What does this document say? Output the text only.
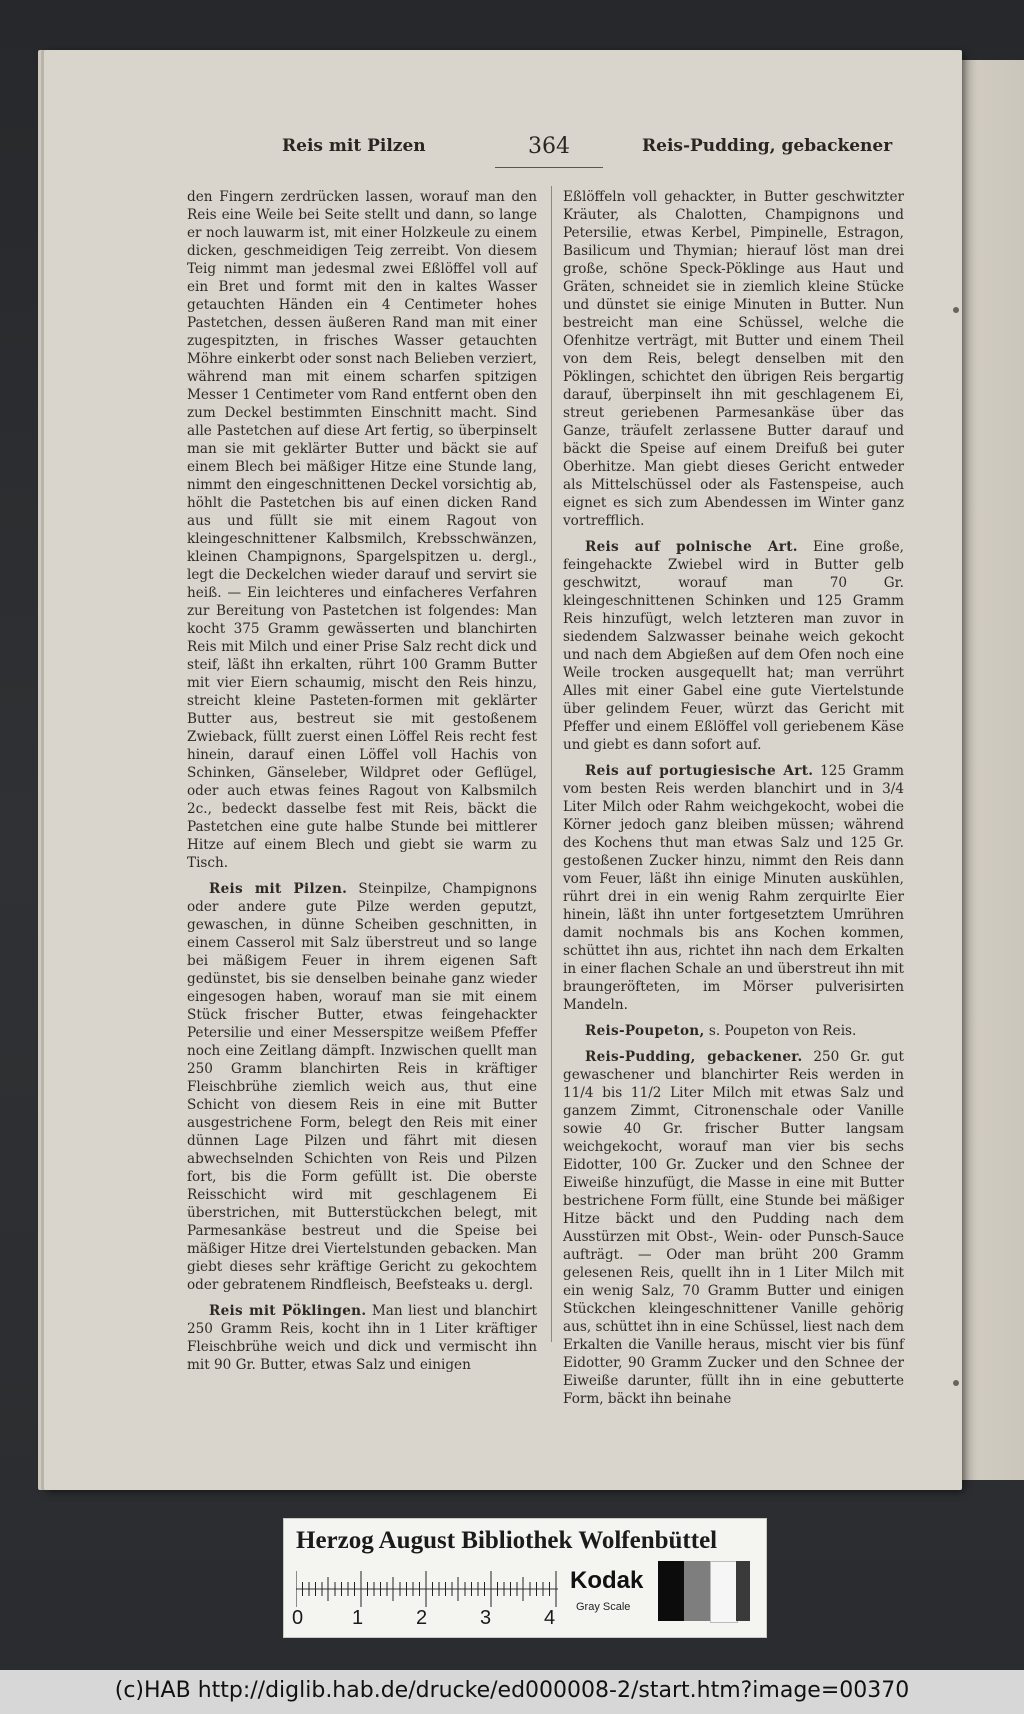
Reis mit Pilzen	364	Reis-Pudding, gebackener

den Fingern zerdrücken lassen, worauf man den Reis eine Weile bei Seite stellt und dann, so lange er noch lauwarm ist, mit einer Holzkeule zu einem dicken, geschmeidigen Teig zerreibt. Von diesem Teig nimmt man jedesmal zwei Eßlöffel voll auf ein Bret und formt mit den in kaltes Wasser getauchten Händen ein 4 Centimeter hohes Pastetchen, dessen äußeren Rand man mit einer zugespitzten, in frisches Wasser getauchten Möhre einkerbt oder sonst nach Belieben verziert, während man mit einem scharfen spitzigen Messer 1 Centimeter vom Rand entfernt oben den zum Deckel bestimmten Einschnitt macht. Sind alle Pastetchen auf diese Art fertig, so überpinselt man sie mit geklärter Butter und bäckt sie auf einem Blech bei mäßiger Hitze eine Stunde lang, nimmt den eingeschnittenen Deckel vorsichtig ab, höhlt die Pastetchen bis auf einen dicken Rand aus und füllt sie mit einem Ragout von kleingeschnittener Kalbsmilch, Krebsschwänzen, kleinen Champignons, Spargelspitzen u. dergl., legt die Deckelchen wieder darauf und servirt sie heiß. — Ein leichteres und einfacheres Verfahren zur Bereitung von Pastetchen ist folgendes: Man kocht 375 Gramm gewässerten und blanchirten Reis mit Milch und einer Prise Salz recht dick und steif, läßt ihn erkalten, rührt 100 Gramm Butter mit vier Eiern schaumig, mischt den Reis hinzu, streicht kleine Pasteten-formen mit geklärter Butter aus, bestreut sie mit gestoßenem Zwieback, füllt zuerst einen Löffel Reis recht fest hinein, darauf einen Löffel voll Hachis von Schinken, Gänseleber, Wildpret oder Geflügel, oder auch etwas feines Ragout von Kalbsmilch 2c., bedeckt dasselbe fest mit Reis, bäckt die Pastetchen eine gute halbe Stunde bei mittlerer Hitze auf einem Blech und giebt sie warm zu Tisch.

Reis mit Pilzen. Steinpilze, Champignons oder andere gute Pilze werden geputzt, gewaschen, in dünne Scheiben geschnitten, in einem Casserol mit Salz überstreut und so lange bei mäßigem Feuer in ihrem eigenen Saft gedünstet, bis sie denselben beinahe ganz wieder eingesogen haben, worauf man sie mit einem Stück frischer Butter, etwas feingehackter Petersilie und einer Messerspitze weißem Pfeffer noch eine Zeitlang dämpft. Inzwischen quellt man 250 Gramm blanchirten Reis in kräftiger Fleischbrühe ziemlich weich aus, thut eine Schicht von diesem Reis in eine mit Butter ausgestrichene Form, belegt den Reis mit einer dünnen Lage Pilzen und fährt mit diesen abwechselnden Schichten von Reis und Pilzen fort, bis die Form gefüllt ist. Die oberste Reisschicht wird mit geschlagenem Ei überstrichen, mit Butterstückchen belegt, mit Parmesankäse bestreut und die Speise bei mäßiger Hitze drei Viertelstunden gebacken. Man giebt dieses sehr kräftige Gericht zu gekochtem oder gebratenem Rindfleisch, Beefsteaks u. dergl.

Reis mit Pöklingen. Man liest und blanchirt 250 Gramm Reis, kocht ihn in 1 Liter kräftiger Fleischbrühe weich und dick und vermischt ihn mit 90 Gr. Butter, etwas Salz und einigen

Eßlöffeln voll gehackter, in Butter geschwitzter Kräuter, als Chalotten, Champignons und Petersilie, etwas Kerbel, Pimpinelle, Estragon, Basilicum und Thymian; hierauf löst man drei große, schöne Speck-Pöklinge aus Haut und Gräten, schneidet sie in ziemlich kleine Stücke und dünstet sie einige Minuten in Butter. Nun bestreicht man eine Schüssel, welche die Ofenhitze verträgt, mit Butter und einem Theil von dem Reis, belegt denselben mit den Pöklingen, schichtet den übrigen Reis bergartig darauf, überpinselt ihn mit geschlagenem Ei, streut geriebenen Parmesankäse über das Ganze, träufelt zerlassene Butter darauf und bäckt die Speise auf einem Dreifuß bei guter Oberhitze. Man giebt dieses Gericht entweder als Mittelschüssel oder als Fastenspeise, auch eignet es sich zum Abendessen im Winter ganz vortrefflich.

Reis auf polnische Art. Eine große, feingehackte Zwiebel wird in Butter gelb geschwitzt, worauf man 70 Gr. kleingeschnittenen Schinken und 125 Gramm Reis hinzufügt, welch letzteren man zuvor in siedendem Salzwasser beinahe weich gekocht und nach dem Abgießen auf dem Ofen noch eine Weile trocken ausgequellt hat; man verrührt Alles mit einer Gabel eine gute Viertelstunde über gelindem Feuer, würzt das Gericht mit Pfeffer und einem Eßlöffel voll geriebenem Käse und giebt es dann sofort auf.

Reis auf portugiesische Art. 125 Gramm vom besten Reis werden blanchirt und in 3/4 Liter Milch oder Rahm weichgekocht, wobei die Körner jedoch ganz bleiben müssen; während des Kochens thut man etwas Salz und 125 Gr. gestoßenen Zucker hinzu, nimmt den Reis dann vom Feuer, läßt ihn einige Minuten auskühlen, rührt drei in ein wenig Rahm zerquirlte Eier hinein, läßt ihn unter fortgesetztem Umrühren damit nochmals bis ans Kochen kommen, schüttet ihn aus, richtet ihn nach dem Erkalten in einer flachen Schale an und überstreut ihn mit braungeröfteten, im Mörser pulverisirten Mandeln.

Reis-Poupeton, s. Poupeton von Reis.

Reis-Pudding, gebackener. 250 Gr. gut gewaschener und blanchirter Reis werden in 11/4 bis 11/2 Liter Milch mit etwas Salz und ganzem Zimmt, Citronenschale oder Vanille sowie 40 Gr. frischer Butter langsam weichgekocht, worauf man vier bis sechs Eidotter, 100 Gr. Zucker und den Schnee der Eiweiße hinzufügt, die Masse in eine mit Butter bestrichene Form füllt, eine Stunde bei mäßiger Hitze bäckt und den Pudding nach dem Ausstürzen mit Obst-, Wein- oder Punsch-Sauce aufträgt. — Oder man brüht 200 Gramm gelesenen Reis, quellt ihn in 1 Liter Milch mit ein wenig Salz, 70 Gramm Butter und einigen Stückchen kleingeschnittener Vanille gehörig aus, schüttet ihn in eine Schüssel, liest nach dem Erkalten die Vanille heraus, mischt vier bis fünf Eidotter, 90 Gramm Zucker und den Schnee der Eiweiße darunter, füllt ihn in eine gebutterte Form, bäckt ihn beinahe

Herzog August Bibliothek Wolfenbüttel
0 1	2	3	4
Kodak
Gray Scale
(c)HAB http://diglib.hab.de/drucke/ed000008-2/start.htm?image=00370
